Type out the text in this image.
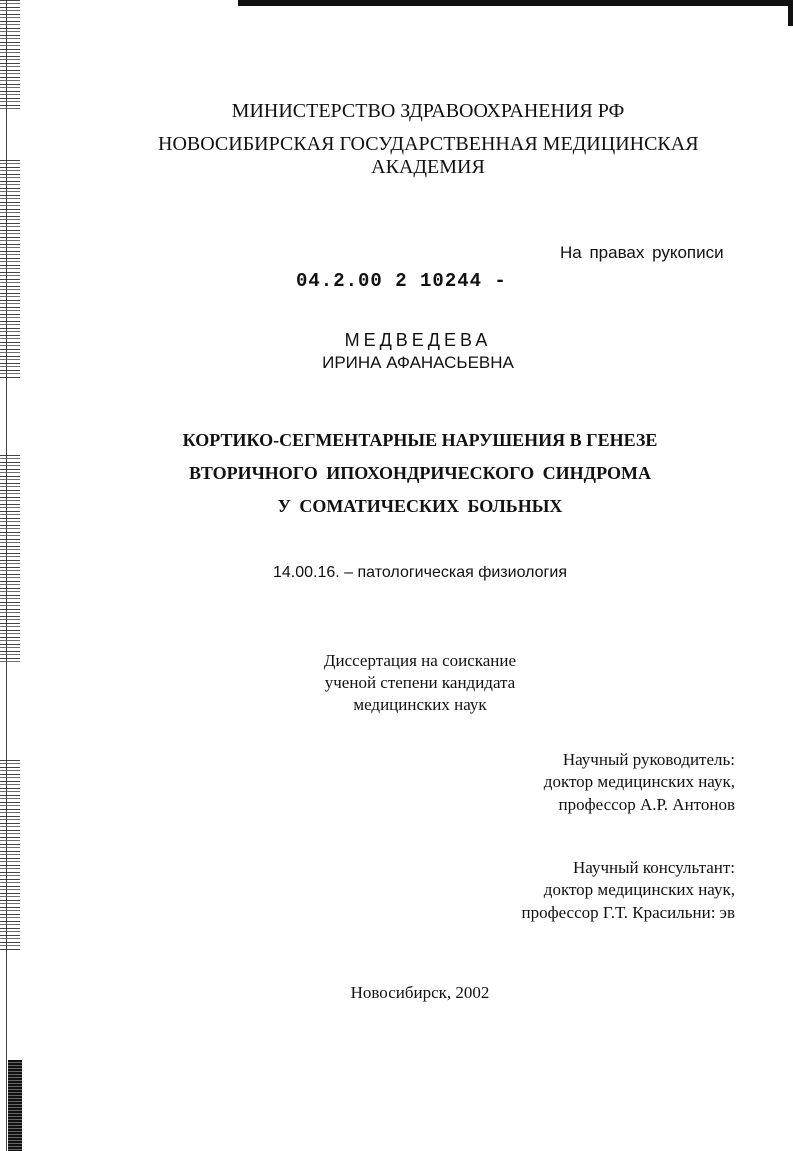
МИНИСТЕРСТВО ЗДРАВООХРАНЕНИЯ РФ
НОВОСИБИРСКАЯ ГОСУДАРСТВЕННАЯ МЕДИЦИНСКАЯ
АКАДЕМИЯ
На правах рукописи
04.2.00 2 10244 -
МЕДВЕДЕВА
ИРИНА АФАНАСЬЕВНА
КОРТИКО-СЕГМЕНТАРНЫЕ НАРУШЕНИЯ В ГЕНЕЗЕ
ВТОРИЧНОГО ИПОХОНДРИЧЕСКОГО СИНДРОМА
У СОМАТИЧЕСКИХ БОЛЬНЫХ
14.00.16. – патологическая физиология
Диссертация на соискание
ученой степени кандидата
медицинских наук
Научный руководитель:
доктор медицинских наук,
профессор А.Р. Антонов
Научный консультант:
доктор медицинских наук,
профессор Г.Т. Красильни: эв
Новосибирск, 2002
